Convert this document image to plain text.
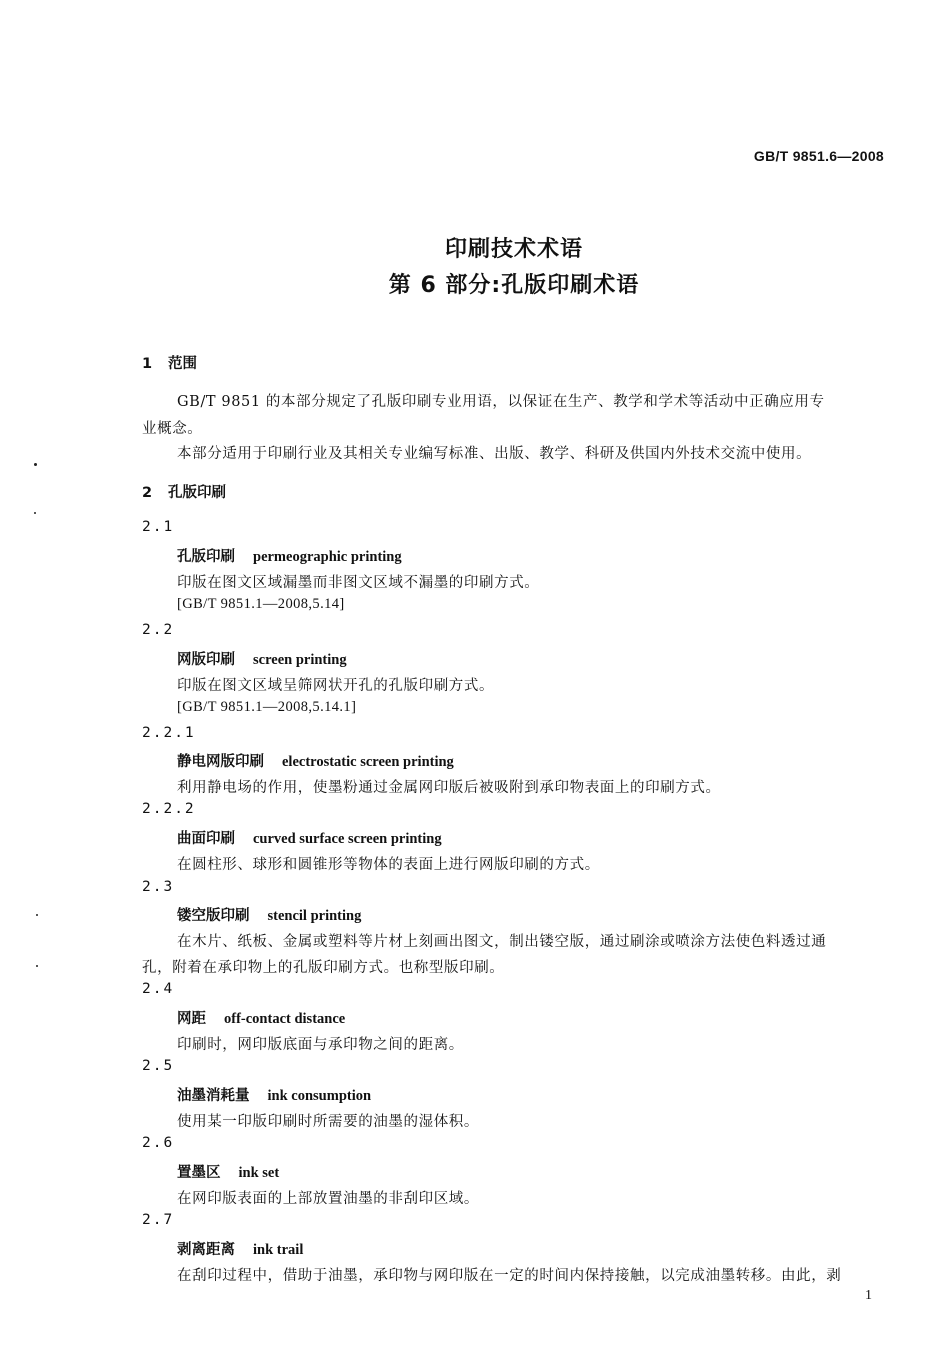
GB/T 9851.6—2008
印刷技术术语
第 6 部分:孔版印刷术语
1 范围
GB/T 9851 的本部分规定了孔版印刷专业用语，以保证在生产、教学和学术等活动中正确应用专
业概念。
本部分适用于印刷行业及其相关专业编写标准、出版、教学、科研及供国内外技术交流中使用。
2 孔版印刷
2.1
孔版印刷 permeographic printing
印版在图文区域漏墨而非图文区域不漏墨的印刷方式。
[GB/T 9851.1—2008,5.14]
2.2
网版印刷 screen printing
印版在图文区域呈筛网状开孔的孔版印刷方式。
[GB/T 9851.1—2008,5.14.1]
2.2.1
静电网版印刷 electrostatic screen printing
利用静电场的作用，使墨粉通过金属网印版后被吸附到承印物表面上的印刷方式。
2.2.2
曲面印刷 curved surface screen printing
在圆柱形、球形和圆锥形等物体的表面上进行网版印刷的方式。
2.3
镂空版印刷 stencil printing
在木片、纸板、金属或塑料等片材上刻画出图文，制出镂空版，通过刷涂或喷涂方法使色料透过通
孔，附着在承印物上的孔版印刷方式。也称型版印刷。
2.4
网距 off-contact distance
印刷时，网印版底面与承印物之间的距离。
2.5
油墨消耗量 ink consumption
使用某一印版印刷时所需要的油墨的湿体积。
2.6
置墨区 ink set
在网印版表面的上部放置油墨的非刮印区域。
2.7
剥离距离 ink trail
在刮印过程中，借助于油墨，承印物与网印版在一定的时间内保持接触，以完成油墨转移。由此，剥
1
